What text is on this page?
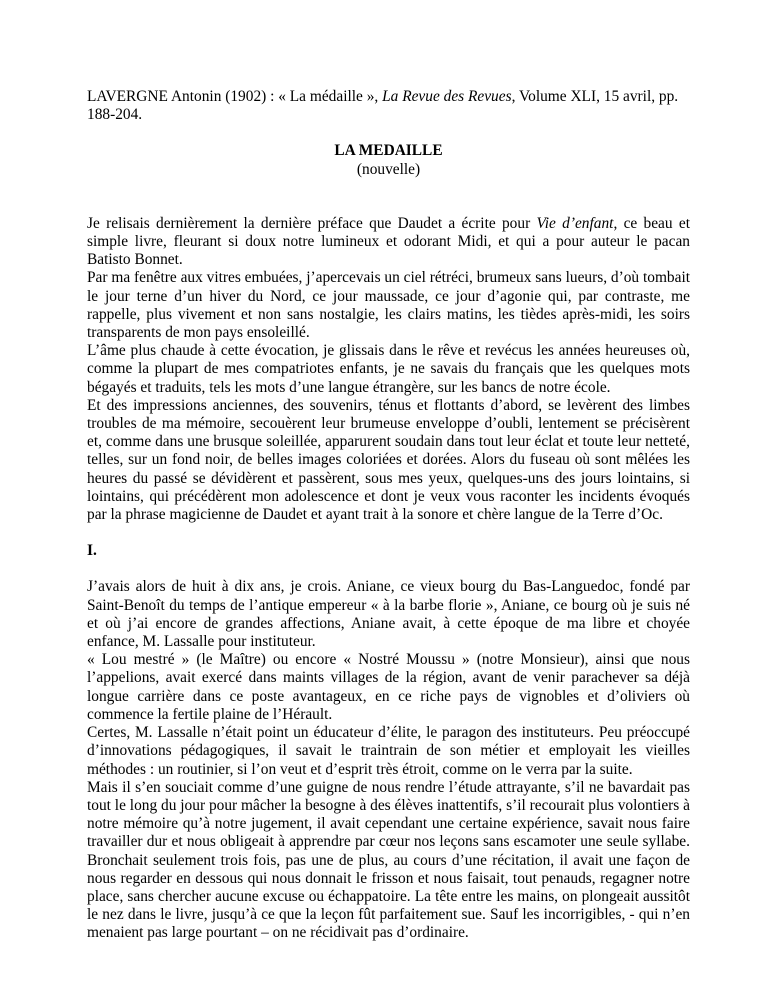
LAVERGNE Antonin (1902) : « La médaille », La Revue des Revues, Volume XLI, 15 avril, pp. 188-204.

LA MEDAILLE

(nouvelle)

Je relisais dernièrement la dernière préface que Daudet a écrite pour Vie d’enfant, ce beau et simple livre, fleurant si doux notre lumineux et odorant Midi, et qui a pour auteur le pacan Batisto Bonnet.

Par ma fenêtre aux vitres embuées, j’apercevais un ciel rétréci, brumeux sans lueurs, d’où tombait le jour terne d’un hiver du Nord, ce jour maussade, ce jour d’agonie qui, par contraste, me rappelle, plus vivement et non sans nostalgie, les clairs matins, les tièdes après-midi, les soirs transparents de mon pays ensoleillé.

L’âme plus chaude à cette évocation, je glissais dans le rêve et revécus les années heureuses où, comme la plupart de mes compatriotes enfants, je ne savais du français que les quelques mots bégayés et traduits, tels les mots d’une langue étrangère, sur les bancs de notre école.

Et des impressions anciennes, des souvenirs, ténus et flottants d’abord, se levèrent des limbes troubles de ma mémoire, secouèrent leur brumeuse enveloppe d’oubli, lentement se précisèrent et, comme dans une brusque soleillée, apparurent soudain dans tout leur éclat et toute leur netteté, telles, sur un fond noir, de belles images coloriées et dorées. Alors du fuseau où sont mêlées les heures du passé se dévidèrent et passèrent, sous mes yeux, quelques-uns des jours lointains, si lointains, qui précédèrent mon adolescence et dont je veux vous raconter les incidents évoqués par la phrase magicienne de Daudet et ayant trait à la sonore et chère langue de la Terre d’Oc.

I.

J’avais alors de huit à dix ans, je crois. Aniane, ce vieux bourg du Bas-Languedoc, fondé par Saint-Benoît du temps de l’antique empereur « à la barbe florie », Aniane, ce bourg où je suis né et où j’ai encore de grandes affections, Aniane avait, à cette époque de ma libre et choyée enfance, M. Lassalle pour instituteur.

« Lou mestré » (le Maître) ou encore « Nostré Moussu » (notre Monsieur), ainsi que nous l’appelions, avait exercé dans maints villages de la région, avant de venir parachever sa déjà longue carrière dans ce poste avantageux, en ce riche pays de vignobles et d’oliviers où commence la fertile plaine de l’Hérault.

Certes, M. Lassalle n’était point un éducateur d’élite, le paragon des instituteurs. Peu préoccupé d’innovations pédagogiques, il savait le traintrain de son métier et employait les vieilles méthodes : un routinier, si l’on veut et d’esprit très étroit, comme on le verra par la suite.

Mais il s’en souciait comme d’une guigne de nous rendre l’étude attrayante, s’il ne bavardait pas tout le long du jour pour mâcher la besogne à des élèves inattentifs, s’il recourait plus volontiers à notre mémoire qu’à notre jugement, il avait cependant une certaine expérience, savait nous faire travailler dur et nous obligeait à apprendre par cœur nos leçons sans escamoter une seule syllabe. Bronchait seulement trois fois, pas une de plus, au cours d’une récitation, il avait une façon de nous regarder en dessous qui nous donnait le frisson et nous faisait, tout penauds, regagner notre place, sans chercher aucune excuse ou échappatoire. La tête entre les mains, on plongeait aussitôt le nez dans le livre, jusqu’à ce que la leçon fût parfaitement sue. Sauf les incorrigibles, - qui n’en menaient pas large pourtant – on ne récidivait pas d’ordinaire.
